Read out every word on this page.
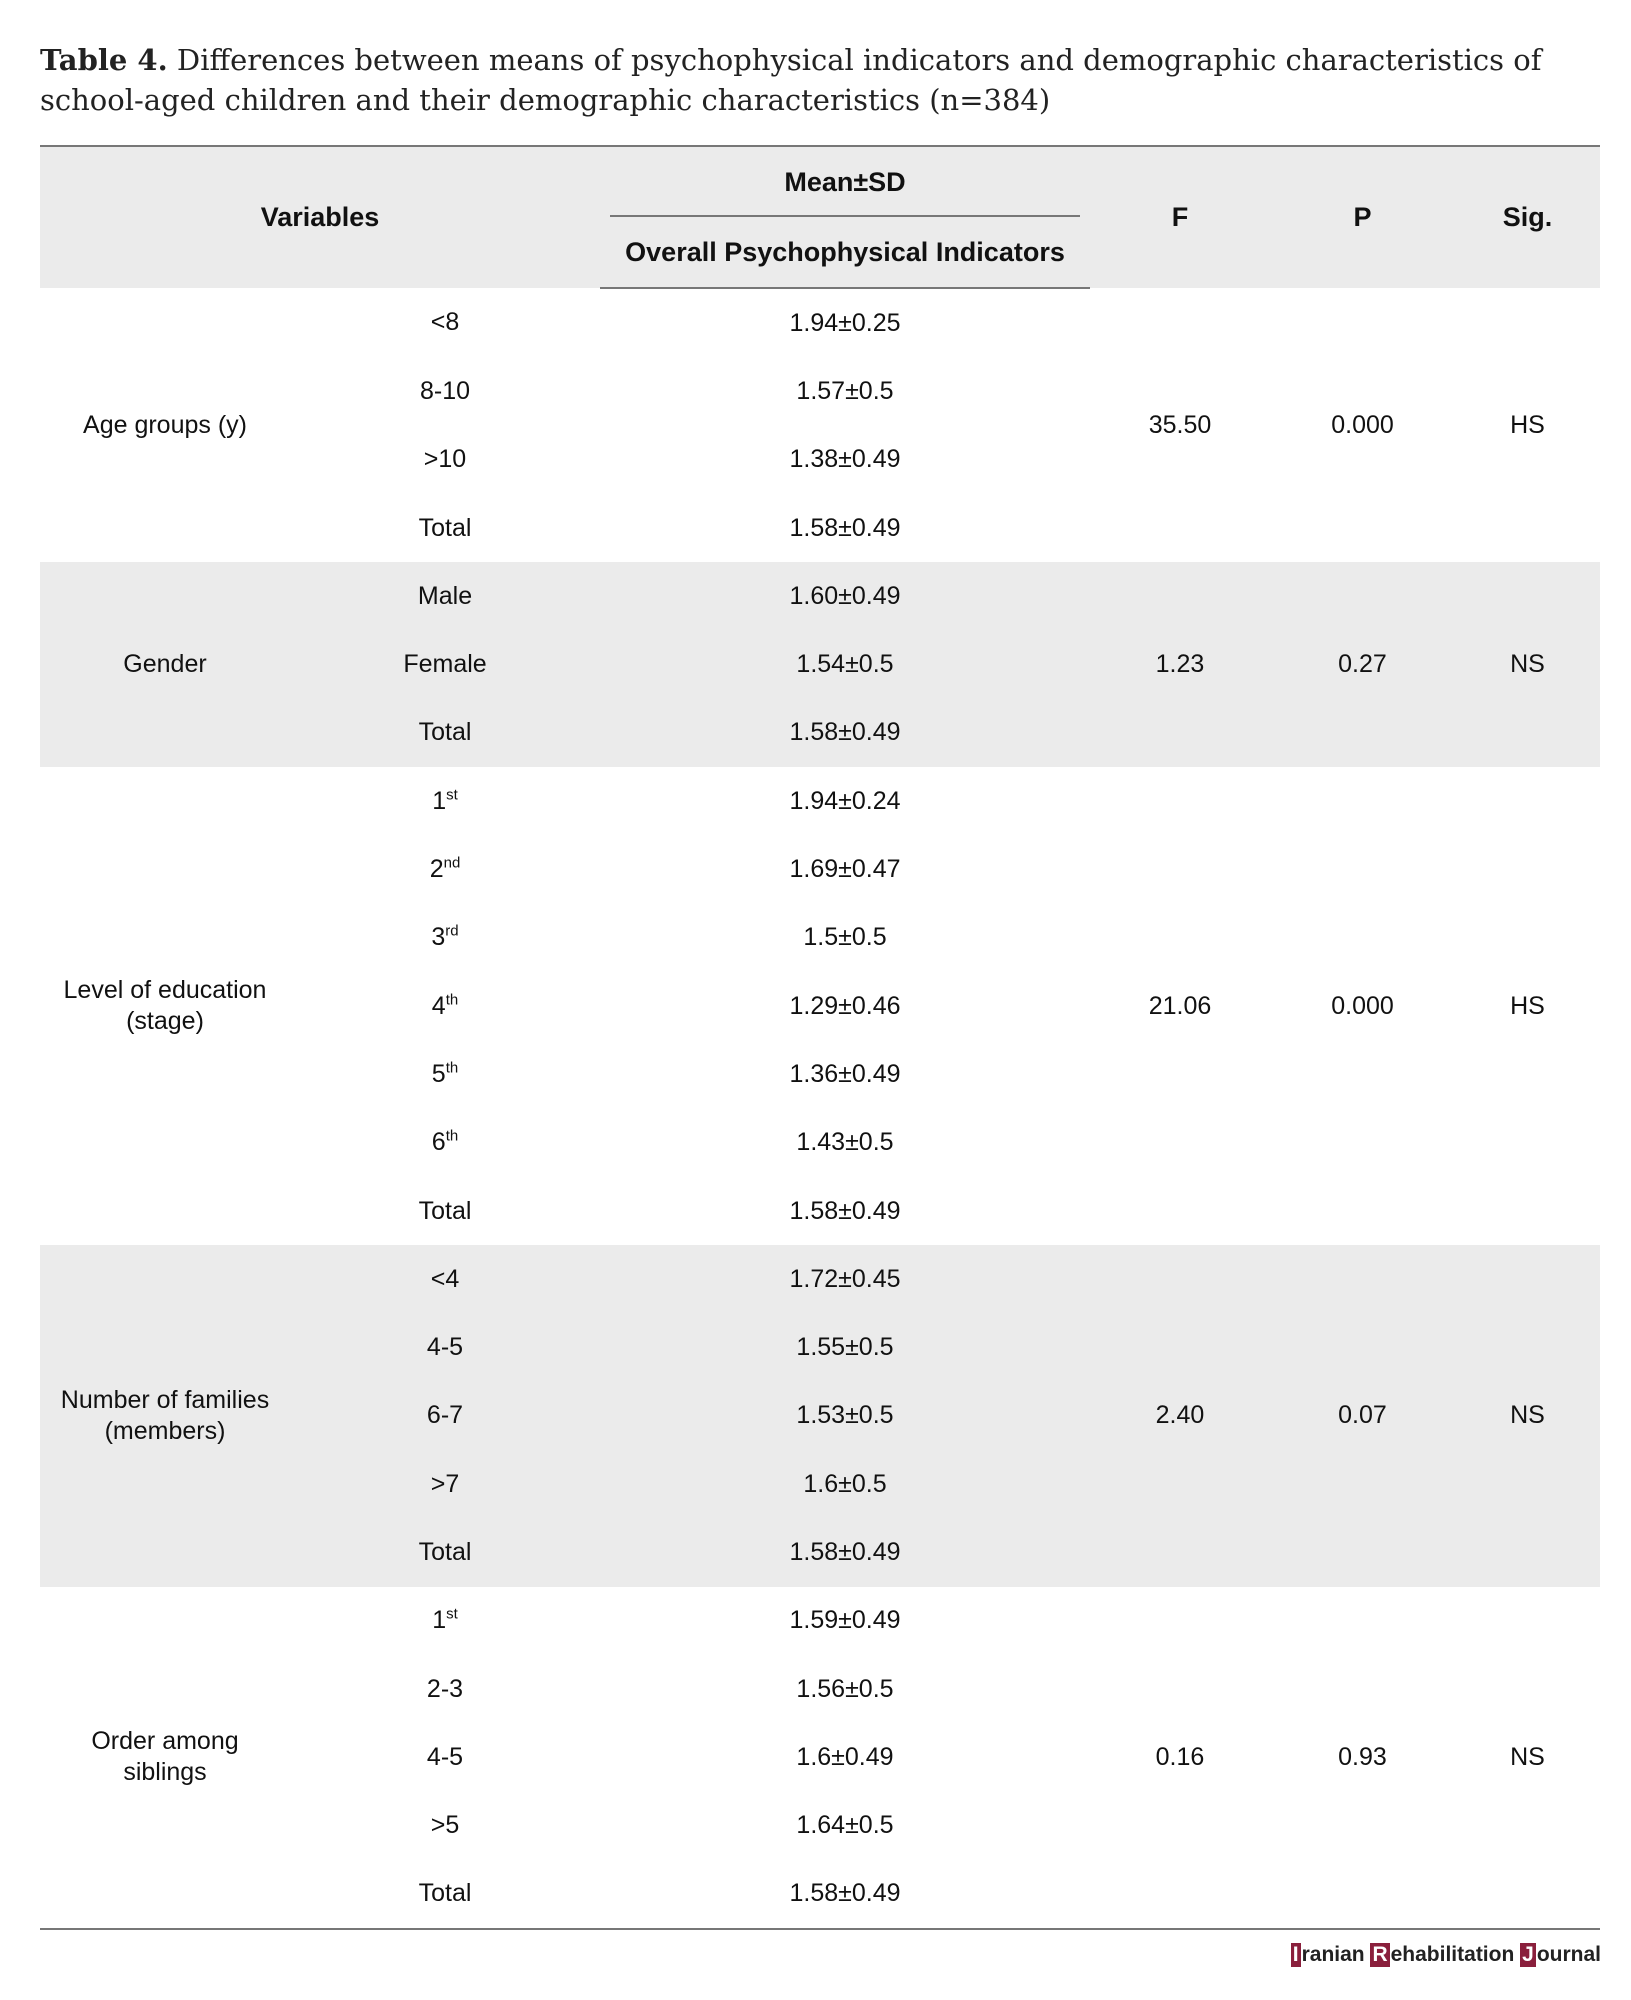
Table 4. Differences between means of psychophysical indicators and demographic characteristics of school-aged children and their demographic characteristics (n=384)
Variables		Mean±SD	F	P	Sig.
		Overall Psychophysical Indicators			
Age groups (y)	<8	1.94±0.25	35.50	0.000	HS
	8-10	1.57±0.5			
	>10	1.38±0.49			
	Total	1.58±0.49			
Gender	Male	1.60±0.49	1.23	0.27	NS
	Female	1.54±0.5			
	Total	1.58±0.49			
Level of education
(stage)	1st	1.94±0.24	21.06	0.000	HS
	2nd	1.69±0.47			
	3rd	1.5±0.5			
	4th	1.29±0.46			
	5th	1.36±0.49			
	6th	1.43±0.5			
	Total	1.58±0.49			
Number of families
(members)	<4	1.72±0.45	2.40	0.07	NS
	4-5	1.55±0.5			
	6-7	1.53±0.5			
	>7	1.6±0.5			
	Total	1.58±0.49			
Order among
siblings	1st	1.59±0.49	0.16	0.93	NS
	2-3	1.56±0.5			
	4-5	1.6±0.49			
	>5	1.64±0.5			
	Total	1.58±0.49			
I ranian R ehabilitation J ournal
